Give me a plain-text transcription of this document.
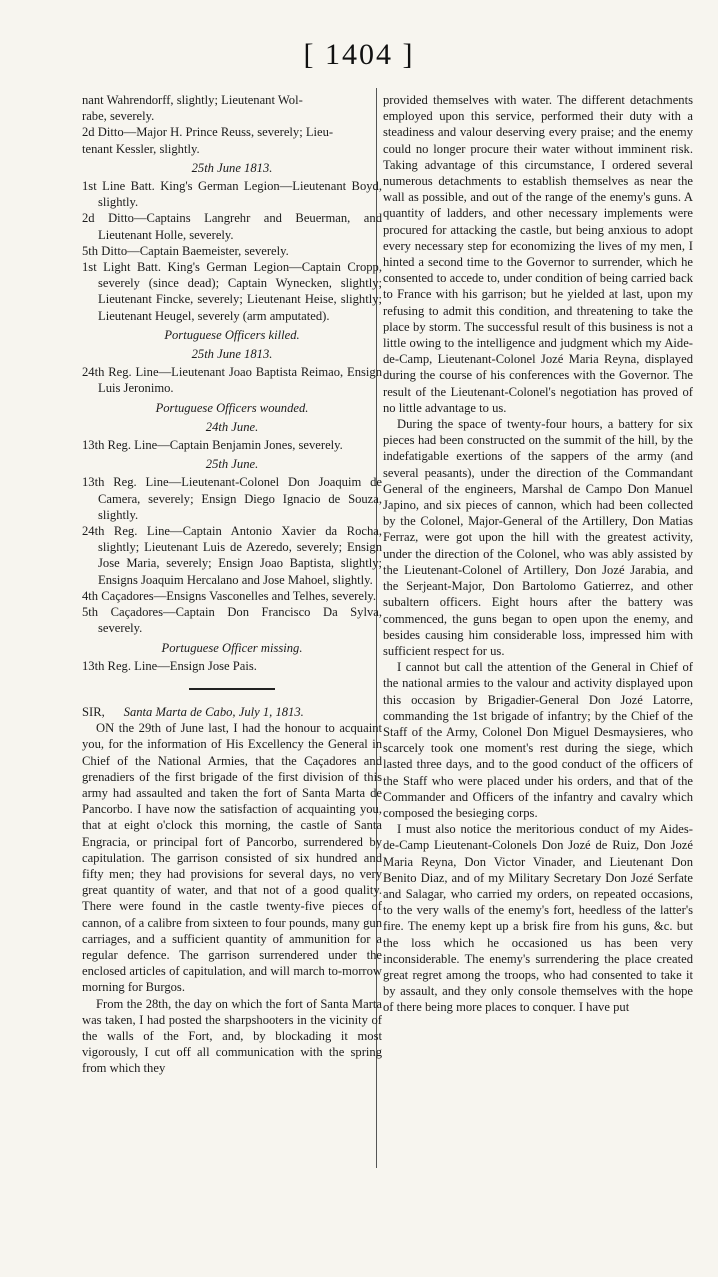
[ 1404 ]
nant Wahrendorff, slightly; Lieutenant Wol-
rabe, severely.
2d Ditto—Major H. Prince Reuss, severely; Lieu-
tenant Kessler, slightly.
25th June 1813.
1st Line Batt. King's German Legion—Lieutenant Boyd, slightly.
2d Ditto—Captains Langrehr and Beuerman, and Lieutenant Holle, severely.
5th Ditto—Captain Baemeister, severely.
1st Light Batt. King's German Legion—Captain Cropp, severely (since dead); Captain Wynecken, slightly; Lieutenant Fincke, severely; Lieutenant Heise, slightly; Lieutenant Heugel, severely (arm amputated).
Portuguese Officers killed.
25th June 1813.
24th Reg. Line—Lieutenant Joao Baptista Reimao, Ensign Luis Jeronimo.
Portuguese Officers wounded.
24th June.
13th Reg. Line—Captain Benjamin Jones, severely.
25th June.
13th Reg. Line—Lieutenant-Colonel Don Joaquim de Camera, severely; Ensign Diego Ignacio de Souza, slightly.
24th Reg. Line—Captain Antonio Xavier da Rocha, slightly; Lieutenant Luis de Azeredo, severely; Ensign Jose Maria, severely; Ensign Joao Baptista, slightly; Ensigns Joaquim Hercalano and Jose Mahoel, slightly.
4th Caçadores—Ensigns Vasconelles and Telhes, severely.
5th Caçadores—Captain Don Francisco Da Sylva, severely.
Portuguese Officer missing.
13th Reg. Line—Ensign Jose Pais.
SIR, Santa Marta de Cabo, July 1, 1813.
ON the 29th of June last, I had the honour to acquaint you, for the information of His Excellency the General in Chief of the National Armies, that the Caçadores and grenadiers of the first brigade of the first division of this army had assaulted and taken the fort of Santa Marta de Pancorbo. I have now the satisfaction of acquainting you, that at eight o'clock this morning, the castle of Santa Engracia, or principal fort of Pancorbo, surrendered by capitulation. The garrison consisted of six hundred and fifty men; they had provisions for several days, no very great quantity of water, and that not of a good quality. There were found in the castle twenty-five pieces of cannon, of a calibre from sixteen to four pounds, many gun carriages, and a sufficient quantity of ammunition for a regular defence. The garrison surrendered under the enclosed articles of capitulation, and will march to-morrow morning for Burgos.
From the 28th, the day on which the fort of Santa Marta was taken, I had posted the sharpshooters in the vicinity of the walls of the Fort, and, by blockading it most vigorously, I cut off all communication with the spring from which they
provided themselves with water. The different detachments employed upon this service, performed their duty with a steadiness and valour deserving every praise; and the enemy could no longer procure their water without imminent risk. Taking advantage of this circumstance, I ordered several numerous detachments to establish themselves as near the wall as possible, and out of the range of the enemy's guns. A quantity of ladders, and other necessary implements were procured for attacking the castle, but being anxious to adopt every necessary step for economizing the lives of my men, I hinted a second time to the Governor to surrender, which he consented to accede to, under condition of being carried back to France with his garrison; but he yielded at last, upon my refusing to admit this condition, and threatening to take the place by storm. The successful result of this business is not a little owing to the intelligence and judgment which my Aide-de-Camp, Lieutenant-Colonel Jozé Maria Reyna, displayed during the course of his conferences with the Governor. The result of the Lieutenant-Colonel's negotiation has proved of no little advantage to us.
During the space of twenty-four hours, a battery for six pieces had been constructed on the summit of the hill, by the indefatigable exertions of the sappers of the army (and several peasants), under the direction of the Commandant General of the engineers, Marshal de Campo Don Manuel Japino, and six pieces of cannon, which had been collected by the Colonel, Major-General of the Artillery, Don Matias Ferraz, were got upon the hill with the greatest activity, under the direction of the Colonel, who was ably assisted by the Lieutenant-Colonel of Artillery, Don Jozé Jarabia, and the Serjeant-Major, Don Bartolomo Gatierrez, and other subaltern officers. Eight hours after the battery was commenced, the guns began to open upon the enemy, and besides causing him considerable loss, impressed him with sufficient respect for us.
I cannot but call the attention of the General in Chief of the national armies to the valour and activity displayed upon this occasion by Brigadier-General Don Jozé Latorre, commanding the 1st brigade of infantry; by the Chief of the Staff of the Army, Colonel Don Miguel Desmaysieres, who scarcely took one moment's rest during the siege, which lasted three days, and to the good conduct of the officers of the Staff who were placed under his orders, and that of the Commander and Officers of the infantry and cavalry which composed the besieging corps.
I must also notice the meritorious conduct of my Aides-de-Camp Lieutenant-Colonels Don Jozé de Ruiz, Don Jozé Maria Reyna, Don Victor Vinader, and Lieutenant Don Benito Diaz, and of my Military Secretary Don Jozé Serfate and Salagar, who carried my orders, on repeated occasions, to the very walls of the enemy's fort, heedless of the latter's fire. The enemy kept up a brisk fire from his guns, &c. but the loss which he occasioned us has been very inconsiderable. The enemy's surrendering the place created great regret among the troops, who had consented to take it by assault, and they only console themselves with the hope of there being more places to conquer. I have put
